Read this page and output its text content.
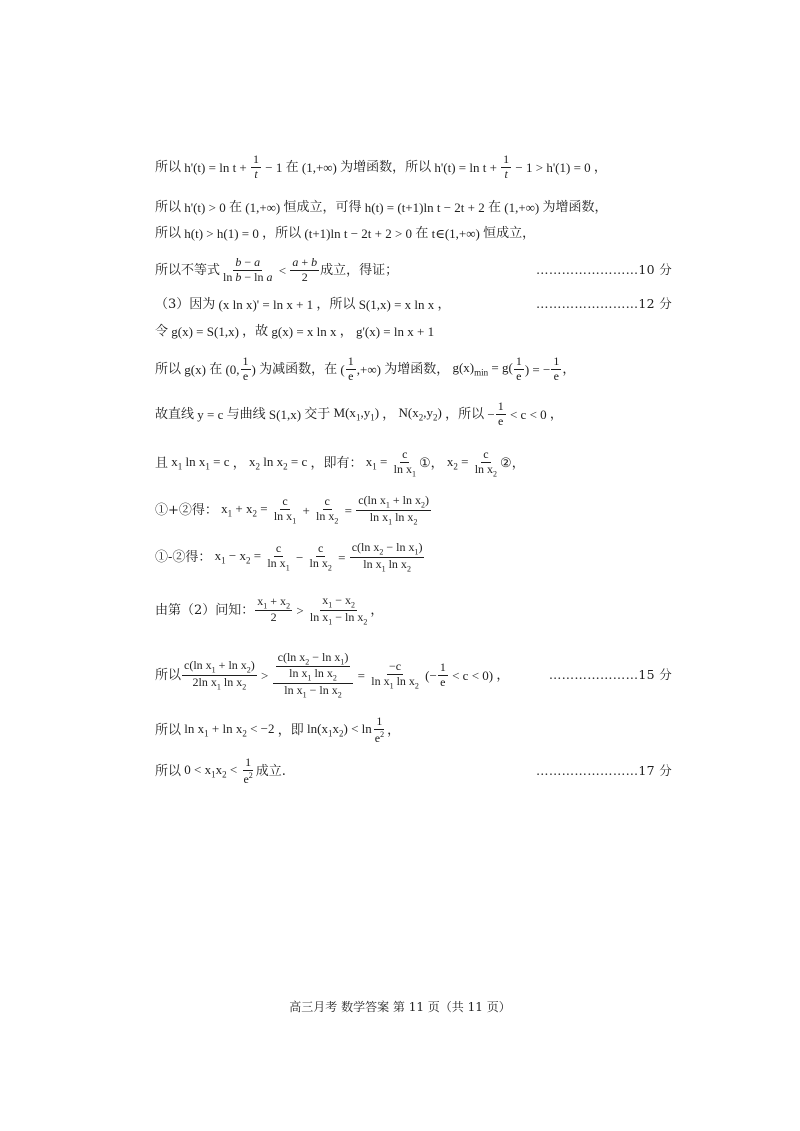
所以 $h'(t) = \ln t + \frac{1}{t} - 1$ 在 (1,+∞) 为增函数，所以 $h'(t) = \ln t + \frac{1}{t} - 1 > h'(1) = 0$ ，
所以 h'(t) > 0 在 (1,+∞) 恒成立，可得 h(t) = (t+1)ln t − 2t + 2 在 (1,+∞) 为增函数，
所以 h(t) > h(1) = 0 ，所以 (t+1)ln t − 2t + 2 > 0 在 t∈(1,+∞) 恒成立，
所以不等式 $\frac{b - a}{\text{ln b − ln a}} < \frac{a + b}{2}$ 成立，得证；	……………………10 分
（3）因为 (x ln x)' = ln x + 1 ，所以 S(1,x) = x ln x ，	……………………12 分
令 g(x) = S(1,x) ，故 g(x) = x ln x ， g'(x) = ln x + 1
所以 g(x) 在 (0, $\frac{1}{e}$ ) 为减函数，在 ( $\frac{1}{e}$ ,+∞) 为增函数， $g(x)_{min} = g( \frac{1}{e}$ ) = − $\frac{1}{e}$ ，
故直线 y = c 与曲线 S(1,x) 交于 $M(x_1,y_1)$ ， $N(x_2,y_2)$ ，所以 − $\frac{1}{e} < c < 0$ ，
且 $x_1$ $\ln x_1 = c$ ， $x_2$ $\ln x_2 = c$ ，即有： $x_1 = \frac{c}{\ln x_1}$ ①， $x_2 = \frac{c}{\ln x_2}$ ②，
①+②得： $x_1 + x_2 = \frac{c}{\ln x_1} + \frac{c}{\ln x_2} = \frac{c(\ln x_1 + \ln x_2)}{\ln x_1 \ln x_2}$
①-②得： $x_1 - x_2 = \frac{c}{\ln x_1} - \frac{c}{\ln x_2} = \frac{c(\ln x_2 - \ln x_1)}{\ln x_1 \ln x_2}$
由第（2）问知： $\frac{x_1 + x_2}{2} > \frac{x_1 - x_2}{\ln x_1 - \ln x_2}$ ，
所以 $\frac{c(\ln x_1 + \ln x_2)}{2\ln x_1 \ln x_2} > \frac{\frac{c(\ln x_2 - \ln x_1)}{\ln x_1 \ln x_2}}{\ln x_1 - \ln x_2} = \frac{-c}{\ln x_1 \ln x_2}$ (− $\frac{1}{e} < c < 0$) ，	…………………15 分
所以 $\ln x_1 + \ln x_2 < -2$ ，即 $\ln(x_1x_2) < \ln \frac{1}{e^2}$ ，
所以 $0 < x_1x_2 < \frac{1}{e^2}$ 成立.	……………………17 分
高三月考 数学答案 第 11 页（共 11 页）
